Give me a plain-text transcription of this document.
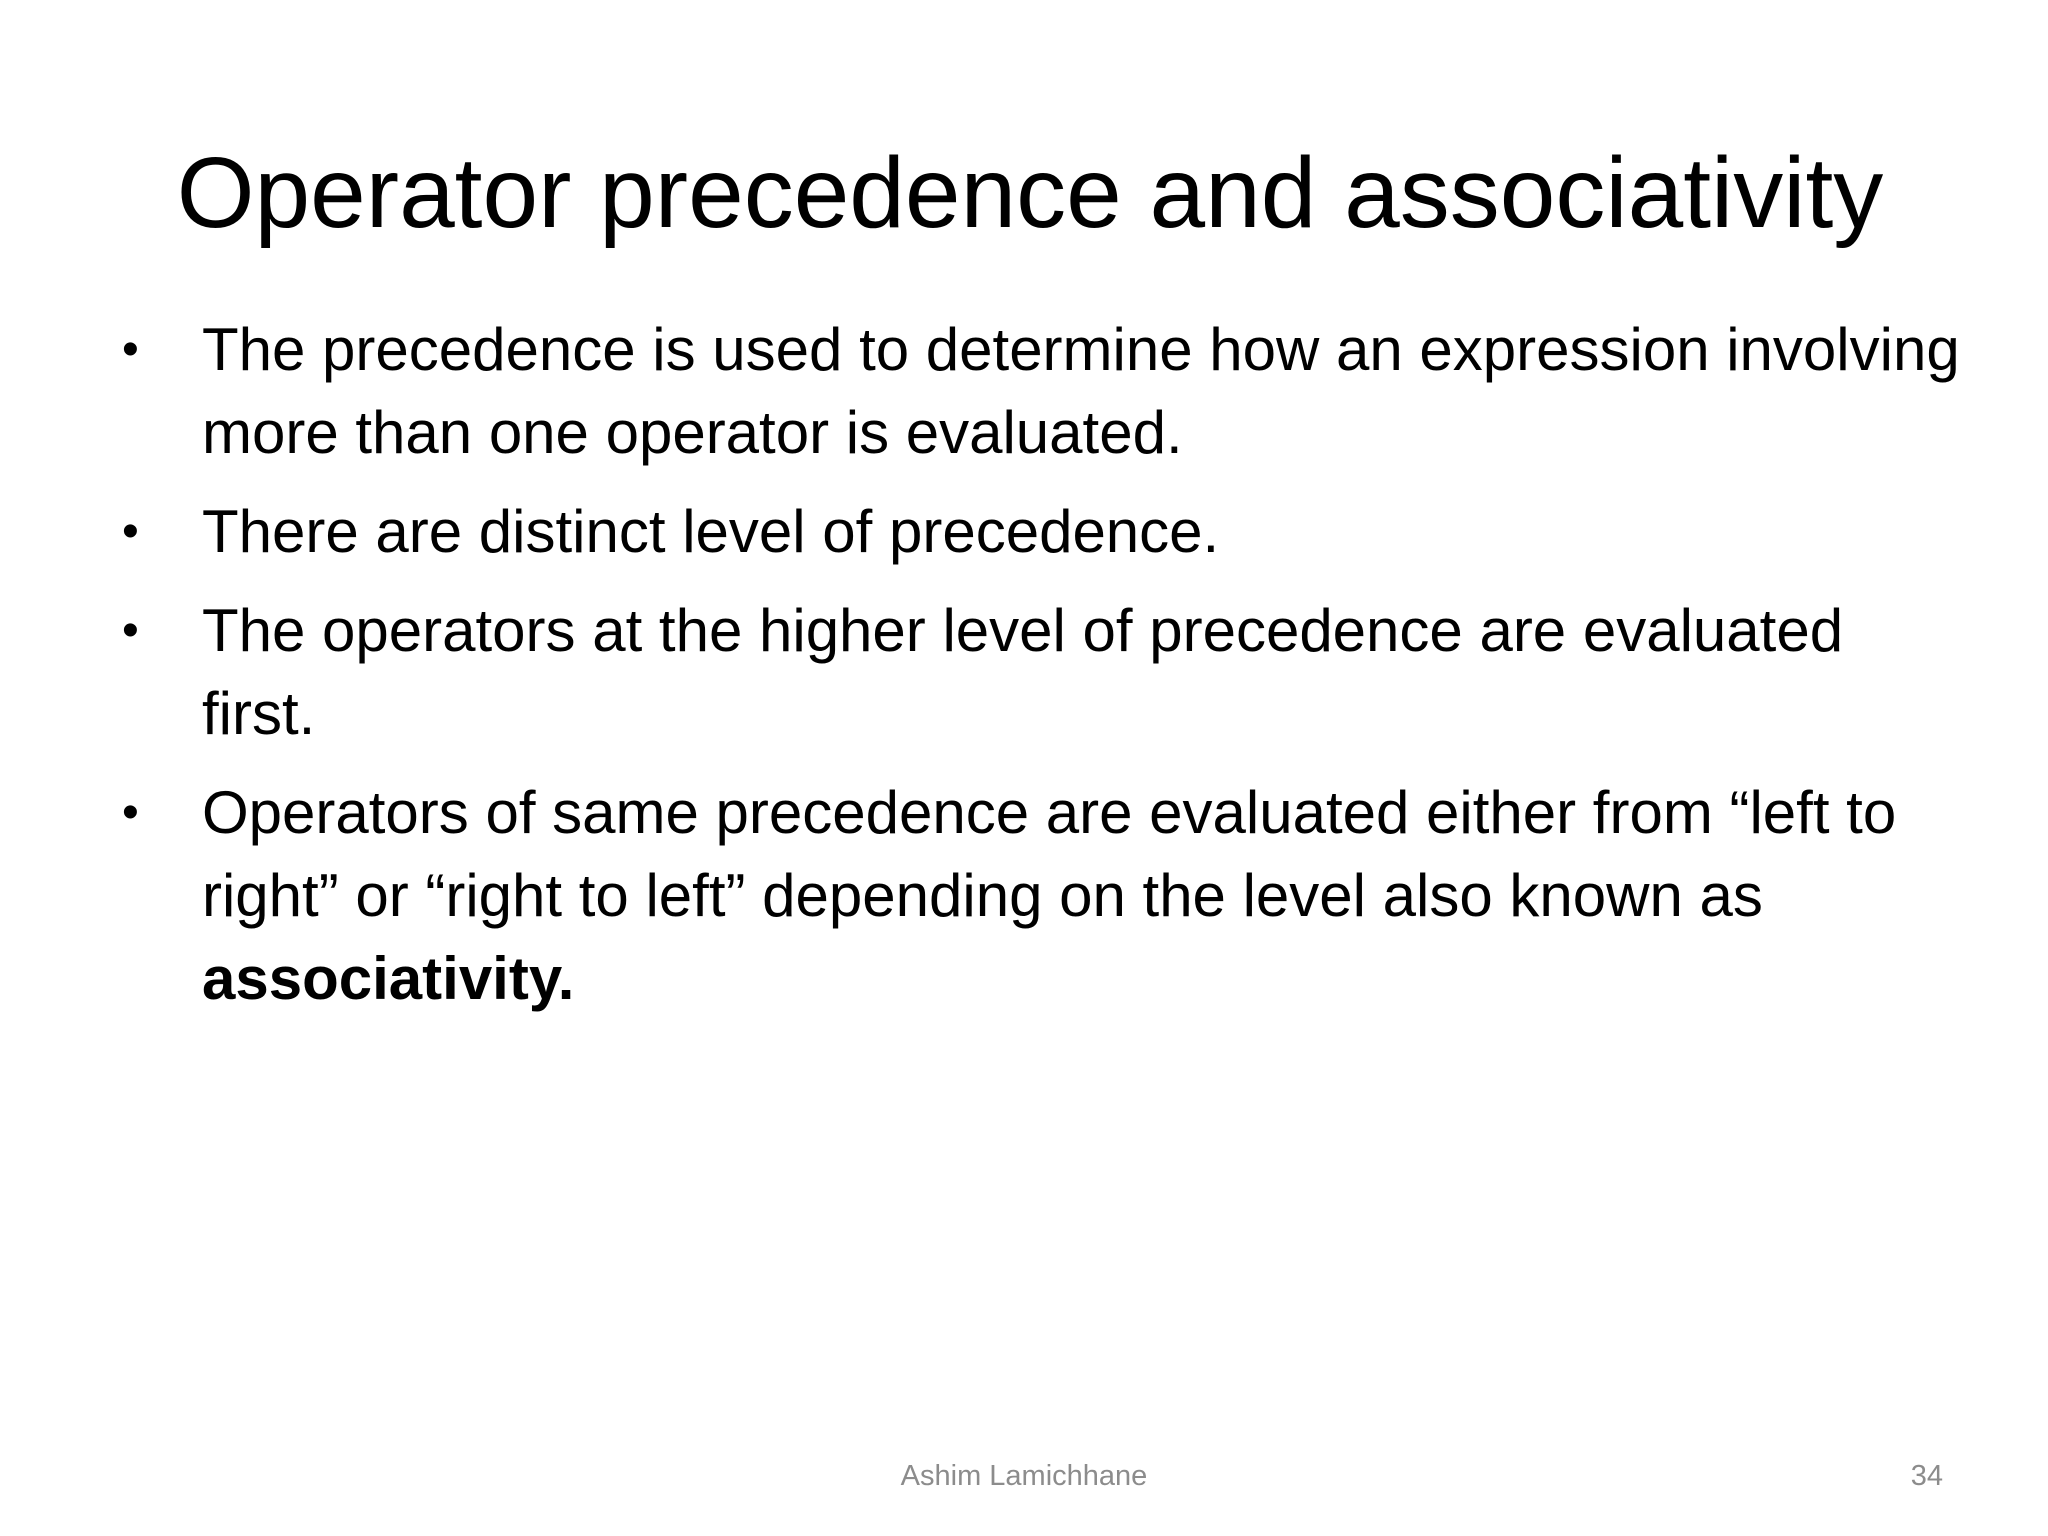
Operator precedence and associativity
• The precedence is used to determine how an expression involving more than one operator is evaluated.
• There are distinct level of precedence.
• The operators at the higher level of precedence are evaluated first.
• Operators of same precedence are evaluated either from “left to right” or “right to left” depending on the level also known as associativity.
Ashim Lamichhane	34
